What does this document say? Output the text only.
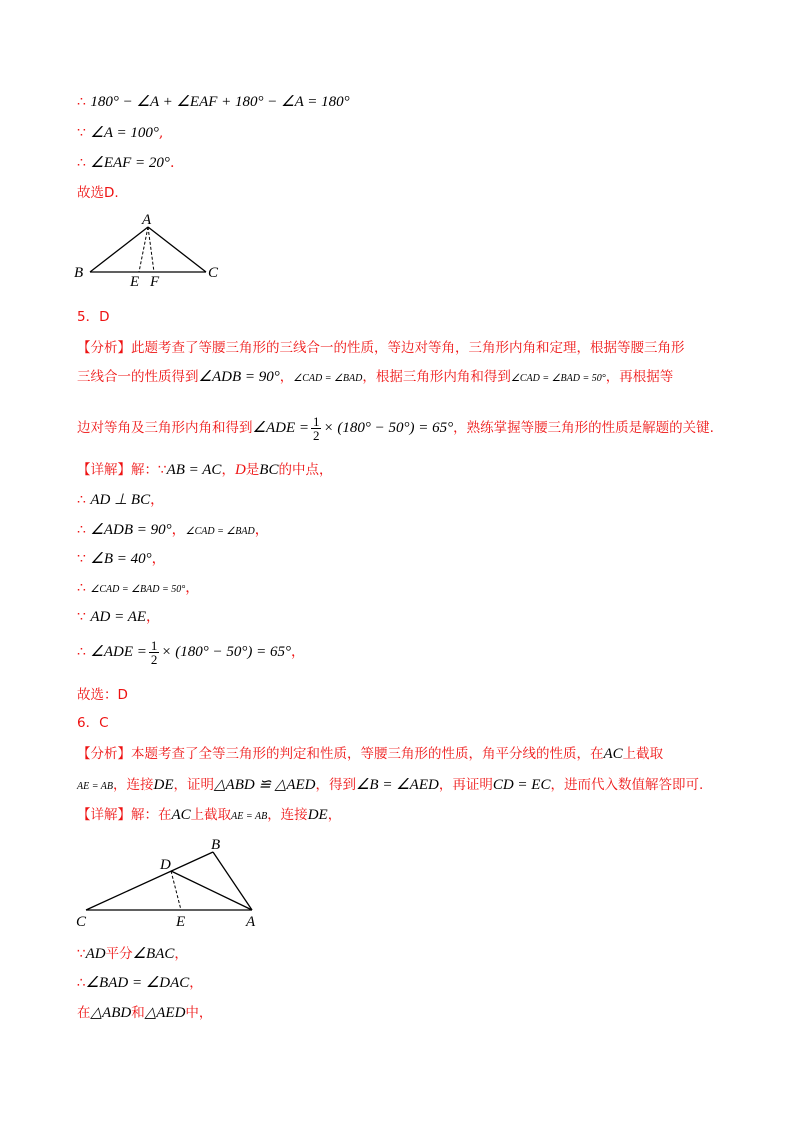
∴ 180° − ∠A + ∠EAF + 180° − ∠A = 180°
∵ ∠A = 100°,
∴ ∠EAF = 20°.
故选D.
A
B	C
E F
5．D
【分析】此题考查了等腰三角形的三线合一的性质，等边对等角，三角形内角和定理，根据等腰三角形
三线合一的性质得到∠ADB = 90°，∠CAD = ∠BAD，根据三角形内角和得到∠CAD = ∠BAD = 50°，再根据等
边对等角及三角形内角和得到∠ADE = $\frac{1}{2} \times (180^\circ - 50^\circ) = 65^\circ$，熟练掌握等腰三角形的性质是解题的关键.
【详解】解：∵AB = AC，D是BC的中点，
∴ AD ⊥ BC，
∴ ∠ADB = 90°，∠CAD = ∠BAD，
∵ ∠B = 40°，
∴ ∠CAD = ∠BAD = 50°，
∵ AD = AE，
∴ ∠ADE = $\frac{1}{2} \times (180^\circ - 50^\circ) = 65^\circ$，
故选：D
6．C
【分析】本题考查了全等三角形的判定和性质，等腰三角形的性质，角平分线的性质，在AC上截取
AE = AB，连接DE，证明△ABD ≌ △AED，得到∠B = ∠AED，再证明CD = EC，进而代入数值解答即可.
【详解】解：在AC上截取AE = AB，连接DE，
B
D
C	E	A
∵AD平分∠BAC，
∴∠BAD = ∠DAC，
在△ABD和△AED中，
